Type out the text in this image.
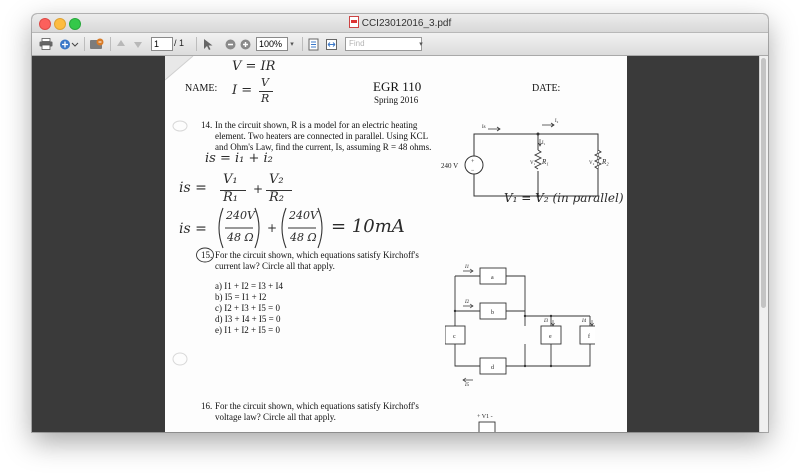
CCI23012016_3.pdf
1	/ 1	100%	▾	Find	▾
NAME:	EGR 110
Spring 2016
DATE:
V = IR
I =
V
R
14. In the circuit shown, R is a model for an electric heating
element. Two heaters are connected in parallel. Using KCL
and Ohm's Law, find the current, Is, assuming R = 48 ohms.
+
−
240 V	R₁	R₂
Is
I₂
I₁
V₁	V₂
is = i₁ + i₂
is =
V₁
R₁
+
V₂
R₂
is =
240V
48 Ω
+
240V
48 Ω
= 10mA
V₁ = V₂ (in parallel)
15. For the circuit shown, which equations satisfy Kirchoff's
current law? Circle all that apply.
a) I1 + I2 = I3 + I4
b) I5 = I1 + I2
c) I2 + I3 + I5 = 0
d) I3 + I4 + I5 = 0
e) I1 + I2 + I5 = 0
a
b
c
d
e	f
I1
I2
I3	I4
I5
16. For the circuit shown, which equations satisfy Kirchoff's
voltage law? Circle all that apply.	+ V1 -
